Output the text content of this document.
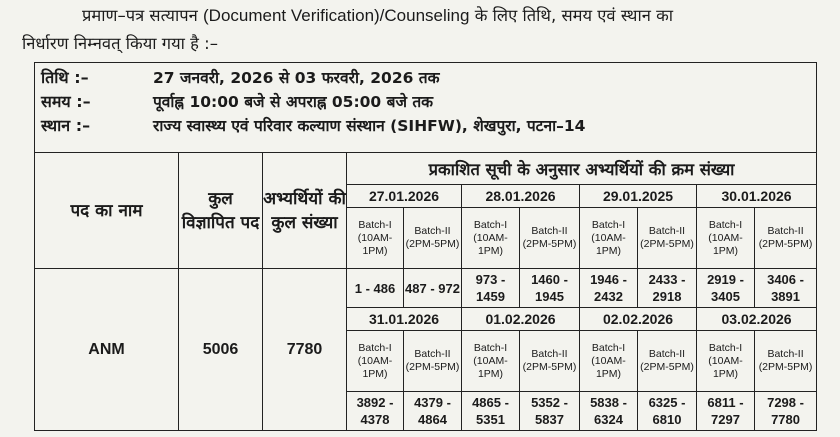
प्रमाण–पत्र सत्यापन (Document Verification)/Counseling के लिए तिथि, समय एवं स्थान का
निर्धारण निम्नवत् किया गया है :–
तिथि :– 27 जनवरी, 2026 से 03 फरवरी, 2026 तक
समय :– पूर्वाह्न 10:00 बजे से अपराह्न 05:00 बजे तक
स्थान :– राज्य स्वास्थ्य एवं परिवार कल्याण संस्थान (SIHFW), शेखपुरा, पटना–14										

पद का नाम	कुल विज्ञापित पद	अभ्यर्थियों की कुल संख्या	प्रकाशित सूची के अनुसार अभ्यर्थियों की क्रम संख्या							
			27.01.2026		28.01.2026		29.01.2025		30.01.2026	
			Batch-I (10AM-1PM)	Batch-II (2PM-5PM)	Batch-I (10AM-1PM)	Batch-II (2PM-5PM)	Batch-I (10AM-1PM)	Batch-II (2PM-5PM)	Batch-I (10AM-1PM)	Batch-II (2PM-5PM)
ANM	5006	7780	1 - 486	487 - 972	973 - 1459	1460 - 1945	1946 - 2432	2433 - 2918	2919 - 3405	3406 - 3891
			31.01.2026		01.02.2026		02.02.2026		03.02.2026	
			Batch-I (10AM-1PM)	Batch-II (2PM-5PM)	Batch-I (10AM-1PM)	Batch-II (2PM-5PM)	Batch-I (10AM-1PM)	Batch-II (2PM-5PM)	Batch-I (10AM-1PM)	Batch-II (2PM-5PM)
			3892 - 4378	4379 - 4864	4865 - 5351	5352 - 5837	5838 - 6324	6325 - 6810	6811 - 7297	7298 - 7780
